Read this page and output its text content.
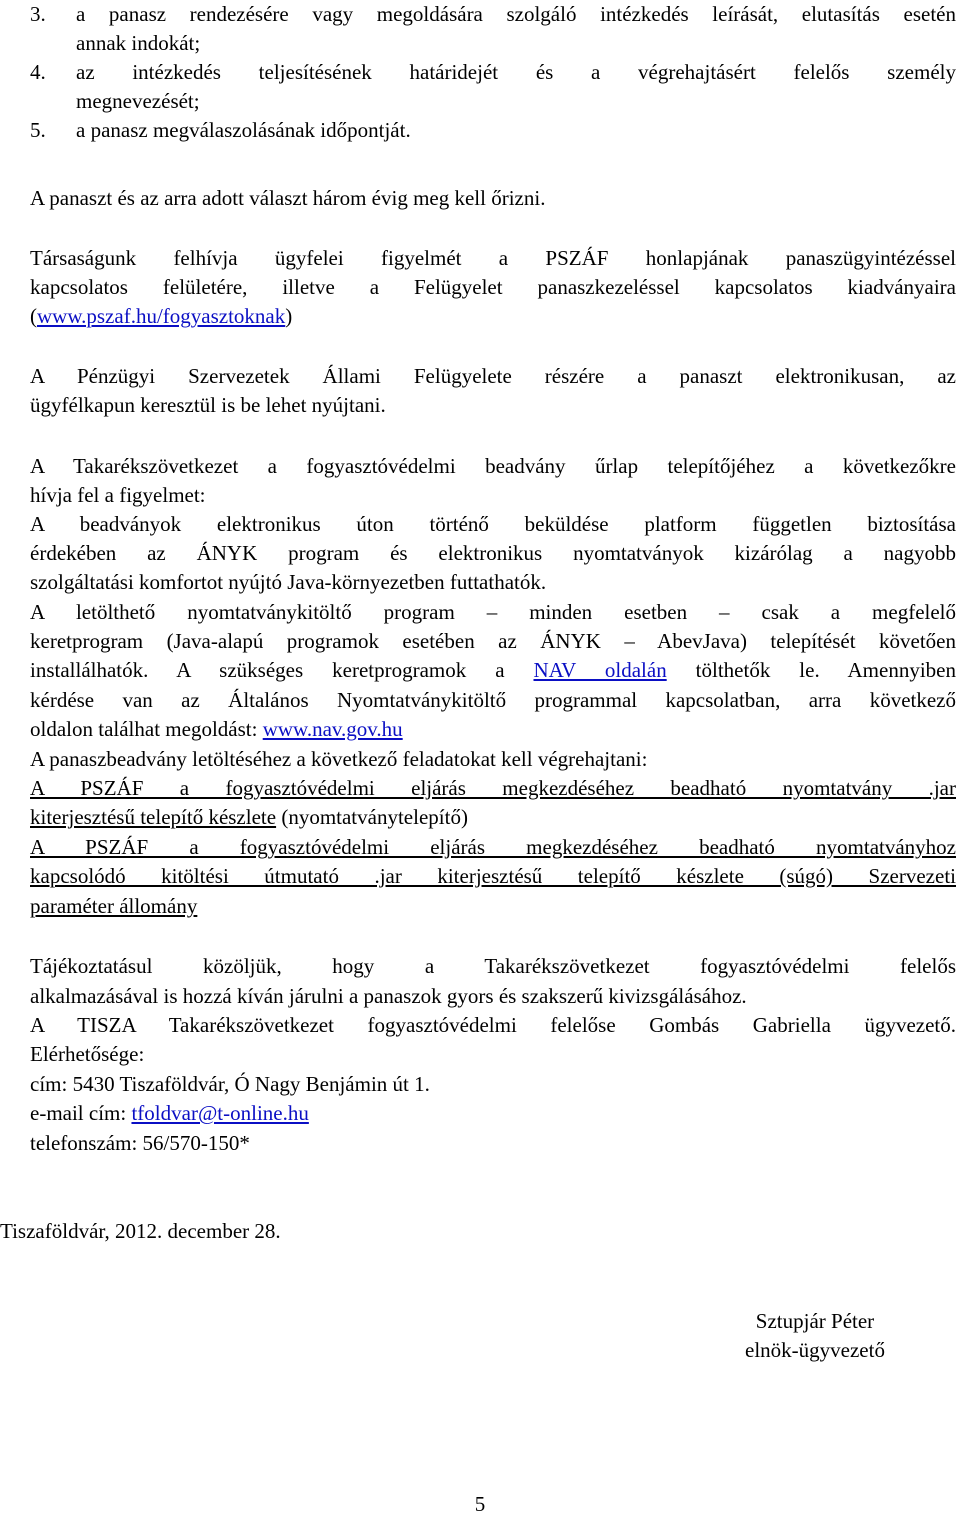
3. a panasz rendezésére vagy megoldására szolgáló intézkedés leírását, elutasítás esetén

annak indokát;

4. az intézkedés teljesítésének határidejét és a végrehajtásért felelős személy

megnevezését;

5. a panasz megválaszolásának időpontját.

A panaszt és az arra adott választ három évig meg kell őrizni.

Társaságunk felhívja ügyfelei figyelmét a PSZÁF honlapjának panaszügyintézéssel

kapcsolatos felületére, illetve a Felügyelet panaszkezeléssel kapcsolatos kiadványaira

(www.pszaf.hu/fogyasztoknak)

A Pénzügyi Szervezetek Állami Felügyelete részére a panaszt elektronikusan, az

ügyfélkapun keresztül is be lehet nyújtani.

A Takarékszövetkezet a fogyasztóvédelmi beadvány űrlap telepítőjéhez a következőkre

hívja fel a figyelmet:

A beadványok elektronikus úton történő beküldése platform független biztosítása

érdekében az ÁNYK program és elektronikus nyomtatványok kizárólag a nagyobb

szolgáltatási komfortot nyújtó Java-környezetben futtathatók.

A letölthető nyomtatványkitöltő program – minden esetben – csak a megfelelő

keretprogram (Java-alapú programok esetében az ÁNYK – AbevJava) telepítését követően

installálhatók. A szükséges keretprogramok a NAV oldalán tölthetők le. Amennyiben

kérdése van az Általános Nyomtatványkitöltő programmal kapcsolatban, arra következő

oldalon találhat megoldást: www.nav.gov.hu

A panaszbeadvány letöltéséhez a következő feladatokat kell végrehajtani:

A PSZÁF a fogyasztóvédelmi eljárás megkezdéséhez beadható nyomtatvány .jar

kiterjesztésű telepítő készlete (nyomtatványtelepítő)

A PSZÁF a fogyasztóvédelmi eljárás megkezdéséhez beadható nyomtatványhoz

kapcsolódó kitöltési útmutató .jar kiterjesztésű telepítő készlete (súgó) Szervezeti

paraméter állomány

Tájékoztatásul közöljük, hogy a Takarékszövetkezet fogyasztóvédelmi felelős

alkalmazásával is hozzá kíván járulni a panaszok gyors és szakszerű kivizsgálásához.

A TISZA Takarékszövetkezet fogyasztóvédelmi felelőse Gombás Gabriella ügyvezető.

Elérhetősége:

cím: 5430 Tiszaföldvár, Ó Nagy Benjámin út 1.

e-mail cím: tfoldvar@t-online.hu

telefonszám: 56/570-150*

Tiszaföldvár, 2012. december 28.

Sztupjár Péter

elnök-ügyvezető

5
